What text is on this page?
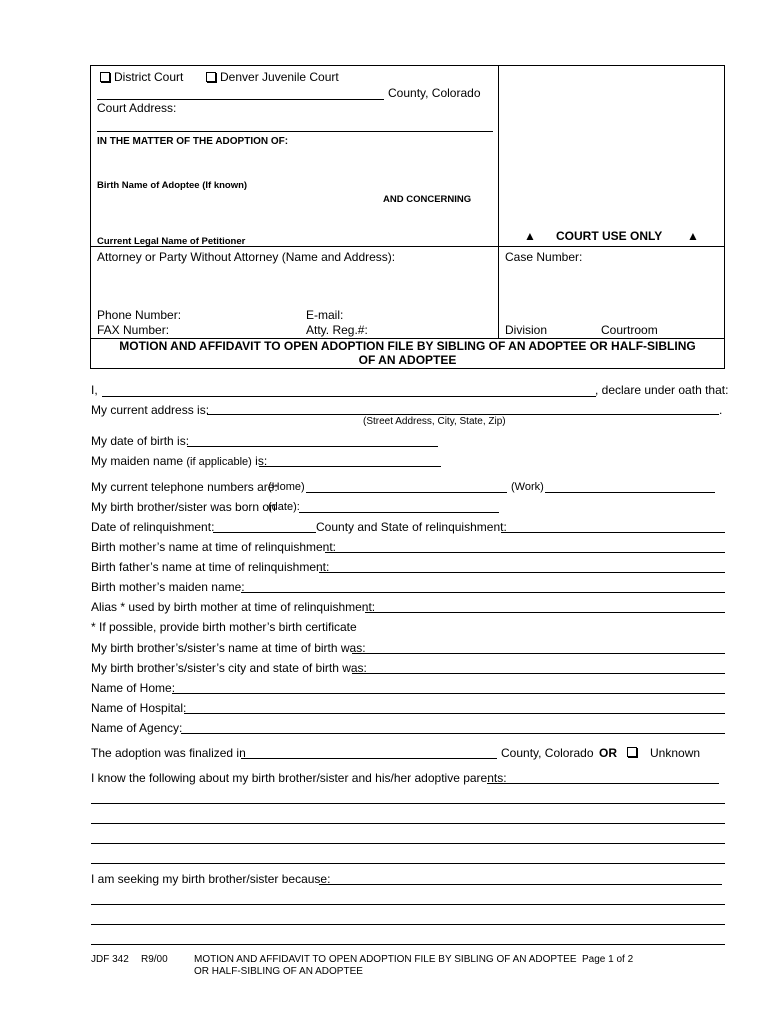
District Court	Denver Juvenile Court
County, Colorado
Court Address:
IN THE MATTER OF THE ADOPTION OF:
Birth Name of Adoptee (If known)
AND CONCERNING
Current Legal Name of Petitioner	▲ COURT USE ONLY ▲
Attorney or Party Without Attorney (Name and Address):	Case Number:
Phone Number:	E-mail:
FAX Number:	Atty. Reg.#:	Division	Courtroom
MOTION AND AFFIDAVIT TO OPEN ADOPTION FILE BY SIBLING OF AN ADOPTEE OR HALF-SIBLING
OF AN ADOPTEE
I,	, declare under oath that:
My current address is:	.
(Street Address, City, State, Zip)
My date of birth is:
My maiden name (if applicable) is:
My current telephone numbers are:
(Home)	(Work)
My birth brother/sister was born on
(date):
Date of relinquishment:	County and State of relinquishment:
Birth mother’s name at time of relinquishment:
Birth father’s name at time of relinquishment:
Birth mother’s maiden name:
Alias * used by birth mother at time of relinquishment:
* If possible, provide birth mother’s birth certificate
My birth brother’s/sister’s name at time of birth was:
My birth brother’s/sister’s city and state of birth was:
Name of Home:
Name of Hospital:
Name of Agency:
The adoption was finalized in	County, Colorado OR	Unknown
I know the following about my birth brother/sister and his/her adoptive parents:
I am seeking my birth brother/sister because:
JDF 342 R9/00	MOTION AND AFFIDAVIT TO OPEN ADOPTION FILE BY SIBLING OF AN ADOPTEE
OR HALF-SIBLING OF AN ADOPTEE
Page 1 of 2
